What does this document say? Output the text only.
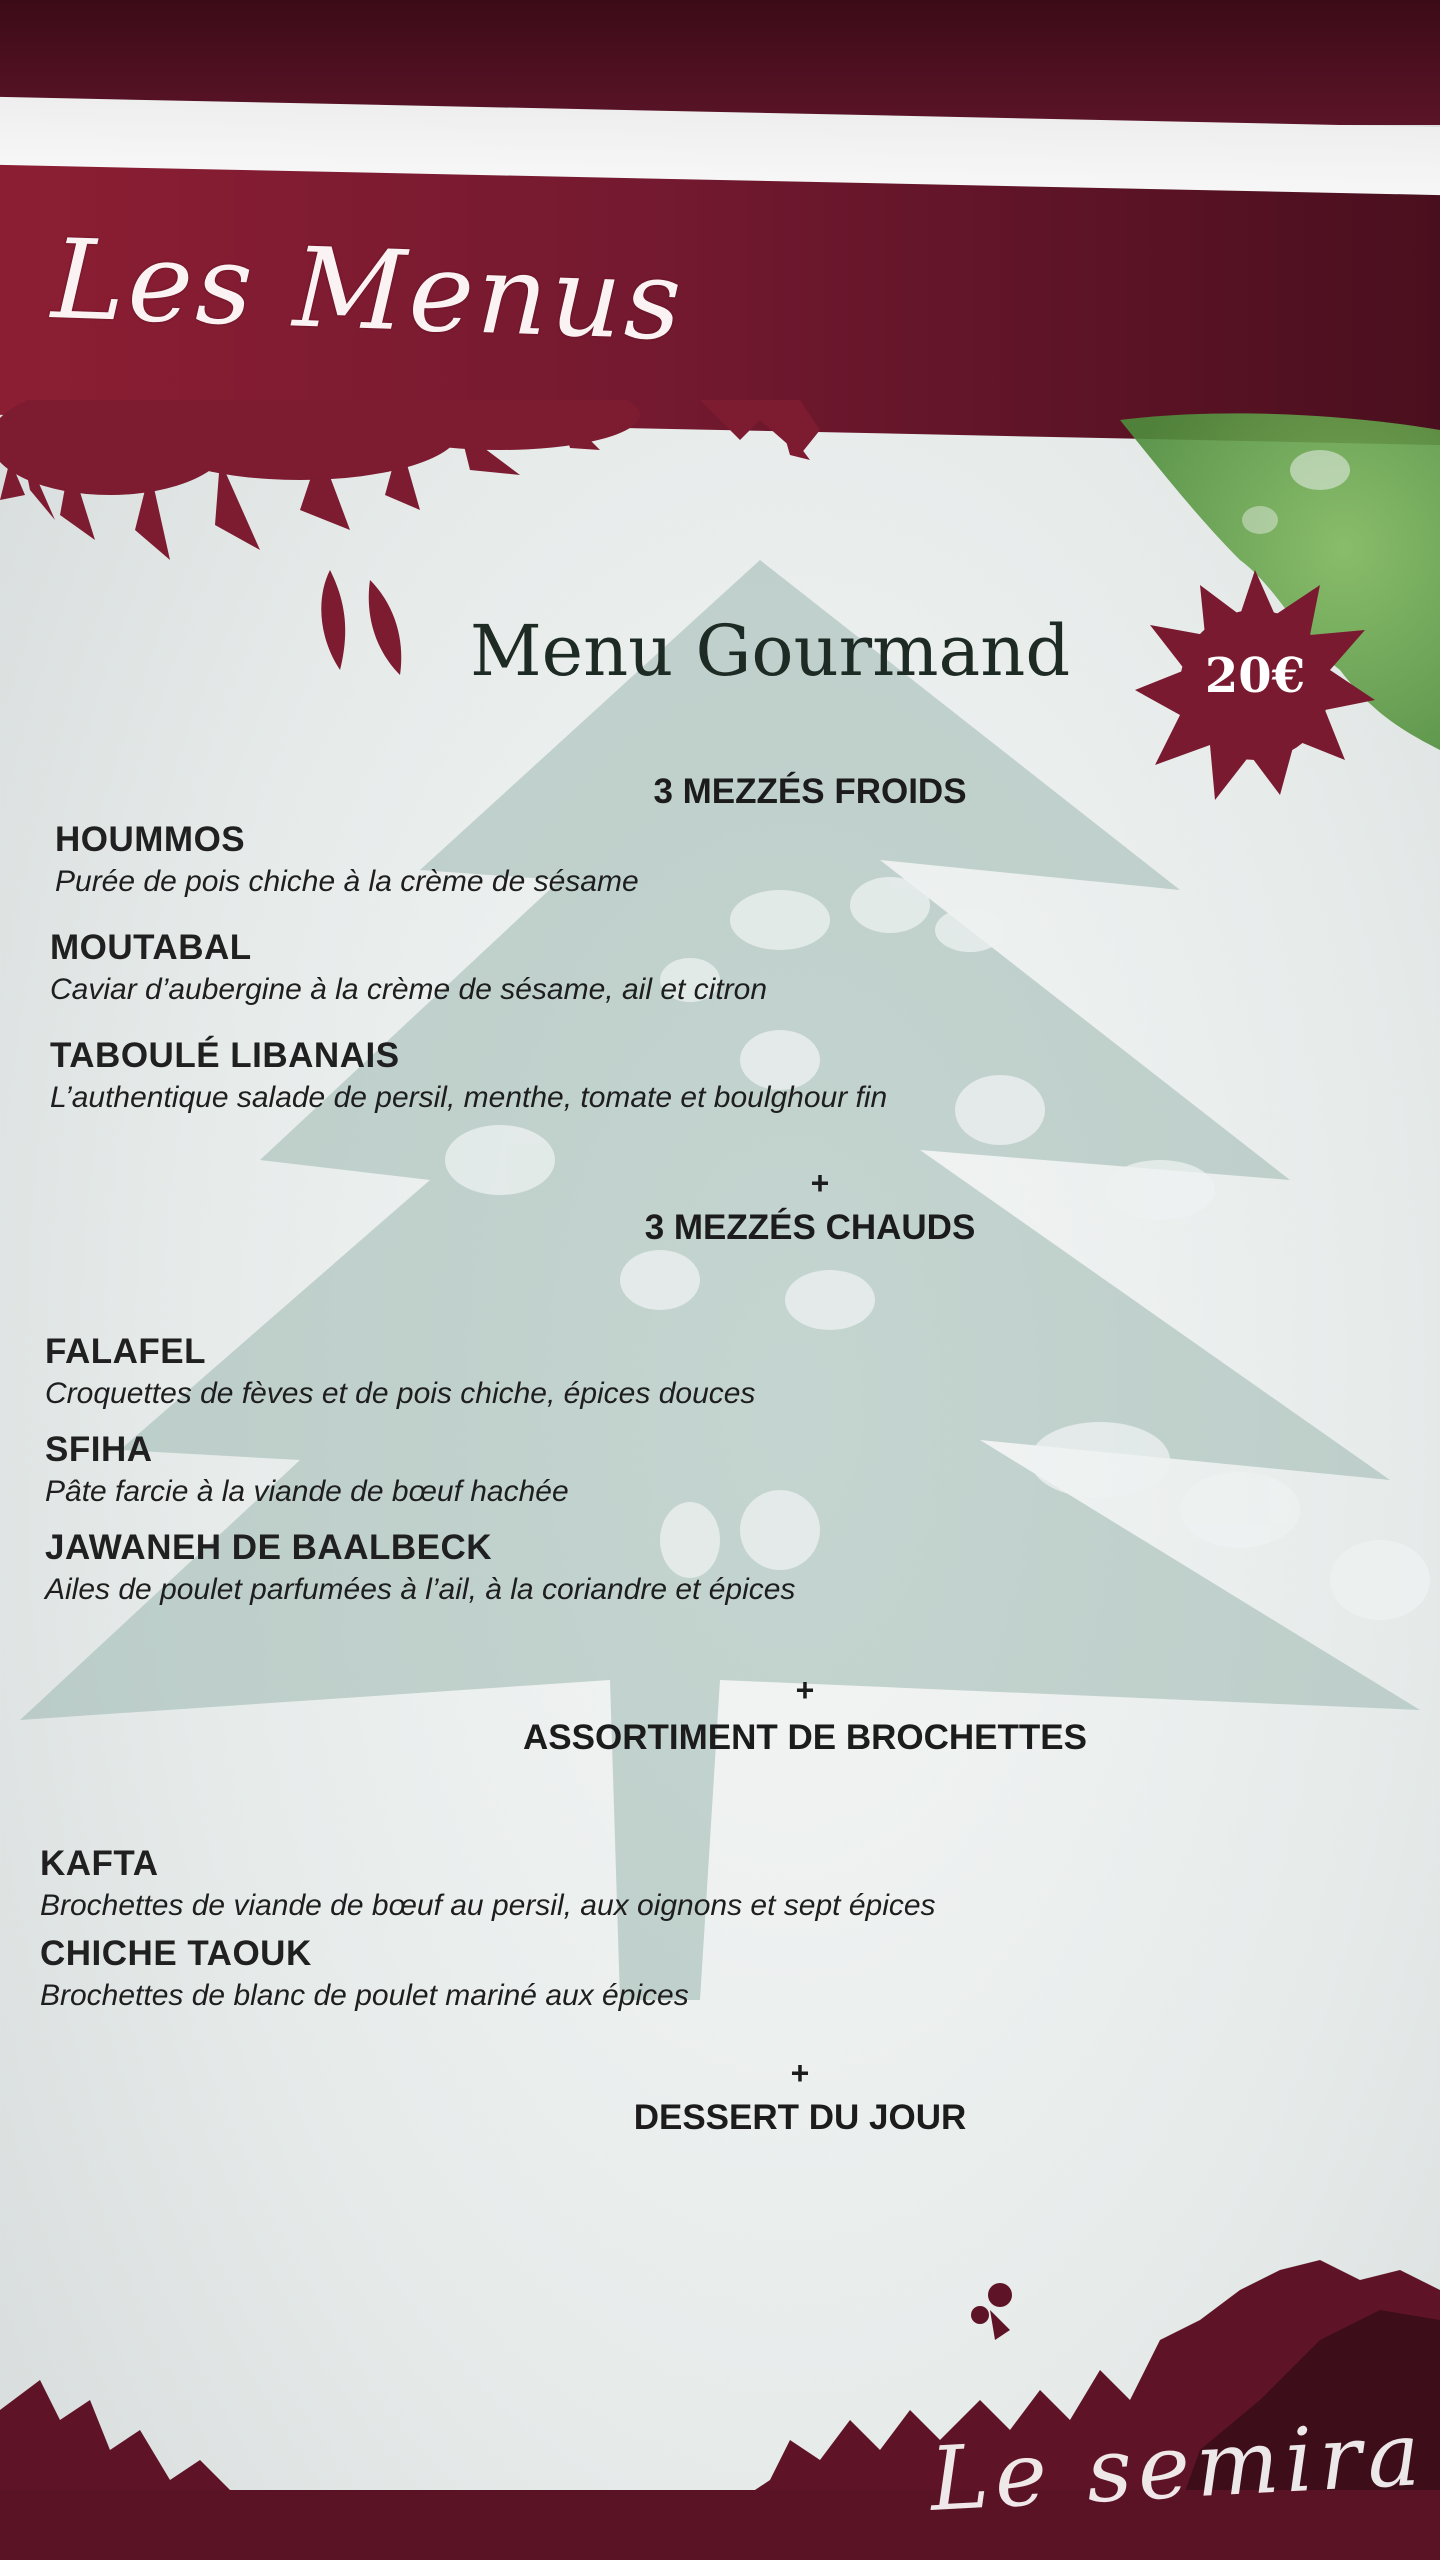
Les Menus
Menu Gourmand	20€
3 MEZZÉS FROIDS
HOUMMOS
Purée de pois chiche à la crème de sésame
MOUTABAL
Caviar d’aubergine à la crème de sésame, ail et citron
TABOULÉ LIBANAIS
L’authentique salade de persil, menthe, tomate et boulghour fin
+
3 MEZZÉS CHAUDS
FALAFEL
Croquettes de fèves et de pois chiche, épices douces
SFIHA
Pâte farcie à la viande de bœuf hachée
JAWANEH DE BAALBECK
Ailes de poulet parfumées à l’ail, à la coriandre et épices
+
ASSORTIMENT DE BROCHETTES
KAFTA
Brochettes de viande de bœuf au persil, aux oignons et sept épices
CHICHE TAOUK
Brochettes de blanc de poulet mariné aux épices
+
DESSERT DU JOUR
Le semira
